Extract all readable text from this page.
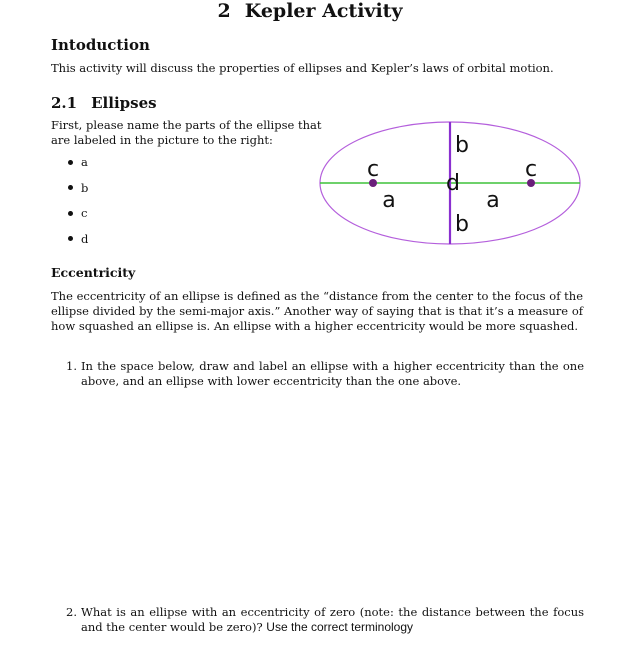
2 Kepler Activity
Intoduction
This activity will discuss the properties of ellipses and Kepler’s laws of orbital motion.
2.1 Ellipses
First, please name the parts of the ellipse that are labeled in the picture to the right:
a
b
c
d
b
b
c	c
d
a	a
Eccentricity
The eccentricity of an ellipse is defined as the “distance from the center to the focus of the ellipse divided by the semi-major axis.” Another way of saying that is that it’s a measure of how squashed an ellipse is. An ellipse with a higher eccentricity would be more squashed.
1. In the space below, draw and label an ellipse with a higher eccentricity than the one above, and an ellipse with lower eccentricity than the one above.
2. What is an ellipse with an eccentricity of zero (note: the distance between the focus and the center would be zero)? Use the correct terminology
